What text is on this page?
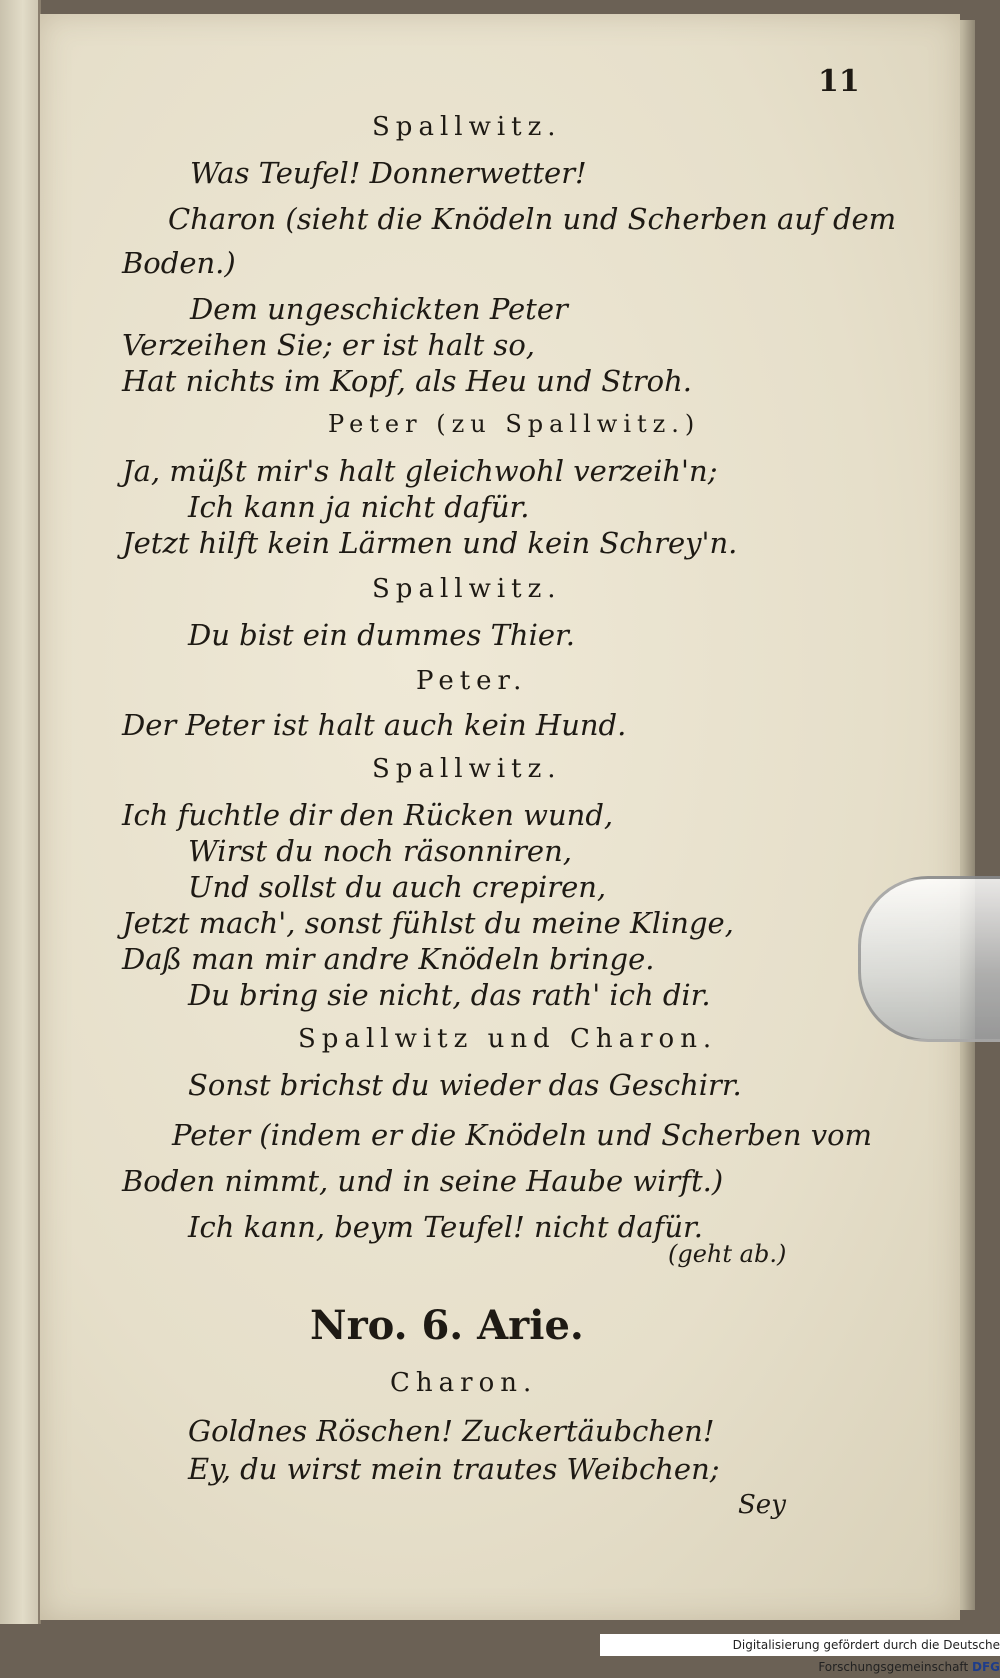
11
Spallwitz.
Was Teufel! Donnerwetter!
Charon (sieht die Knödeln und Scherben auf dem
Boden.)
Dem ungeschickten Peter
Verzeihen Sie; er ist halt so,
Hat nichts im Kopf, als Heu und Stroh.
Peter (zu Spallwitz.)
Ja, müßt mir's halt gleichwohl verzeih'n;
Ich kann ja nicht dafür.
Jetzt hilft kein Lärmen und kein Schrey'n.
Spallwitz.
Du bist ein dummes Thier.
Peter.
Der Peter ist halt auch kein Hund.
Spallwitz.
Ich fuchtle dir den Rücken wund,
Wirst du noch räsonniren,
Und sollst du auch crepiren,
Jetzt mach', sonst fühlst du meine Klinge,
Daß man mir andre Knödeln bringe.
Du bring sie nicht, das rath' ich dir.
Spallwitz und Charon.
Sonst brichst du wieder das Geschirr.
Peter (indem er die Knödeln und Scherben vom
Boden nimmt, und in seine Haube wirft.)
Ich kann, beym Teufel! nicht dafür.
(geht ab.)
Nro. 6. Arie.
Charon.
Goldnes Röschen! Zuckertäubchen!
Ey, du wirst mein trautes Weibchen;
Sey
Digitalisierung gefördert durch die Deutsche Forschungsgemeinschaft DFG
